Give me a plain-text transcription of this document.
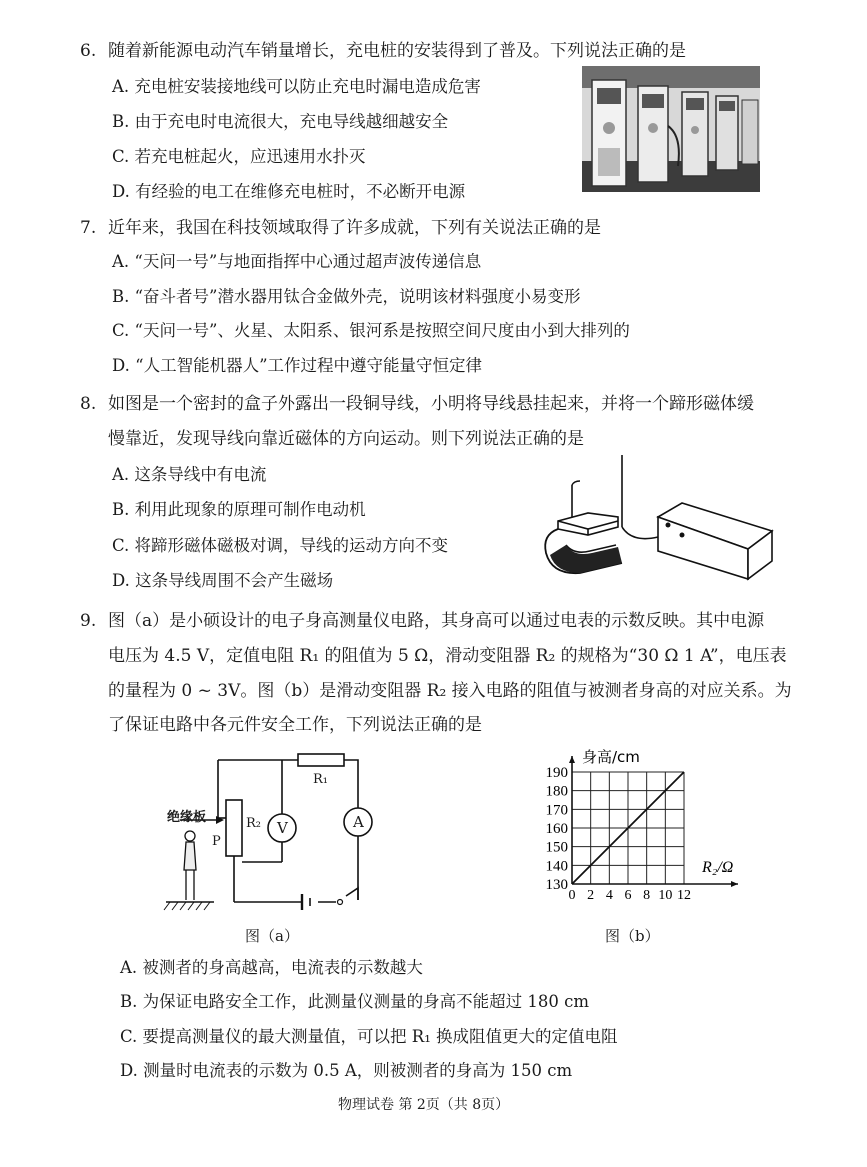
6. 随着新能源电动汽车销量增长，充电桩的安装得到了普及。下列说法正确的是
A. 充电桩安装接地线可以防止充电时漏电造成危害
B. 由于充电时电流很大，充电导线越细越安全
C. 若充电桩起火，应迅速用水扑灭
D. 有经验的电工在维修充电桩时，不必断开电源
7. 近年来，我国在科技领域取得了许多成就，下列有关说法正确的是
A. “天问一号”与地面指挥中心通过超声波传递信息
B. “奋斗者号”潜水器用钛合金做外壳，说明该材料强度小易变形
C. “天问一号”、火星、太阳系、银河系是按照空间尺度由小到大排列的
D. “人工智能机器人”工作过程中遵守能量守恒定律
8. 如图是一个密封的盒子外露出一段铜导线，小明将导线悬挂起来，并将一个蹄形磁体缓
慢靠近，发现导线向靠近磁体的方向运动。则下列说法正确的是
A. 这条导线中有电流
B. 利用此现象的原理可制作电动机
C. 将蹄形磁体磁极对调，导线的运动方向不变
D. 这条导线周围不会产生磁场
9. 图（a）是小硕设计的电子身高测量仪电路，其身高可以通过电表的示数反映。其中电源
电压为 4.5 V，定值电阻 R₁ 的阻值为 5 Ω，滑动变阻器 R₂ 的规格为“30 Ω 1 A”，电压表
的量程为 0 ~ 3V。图（b）是滑动变阻器 R₂ 接入电路的阻值与被测者身高的对应关系。为
了保证电路中各元件安全工作，下列说法正确的是
绝缘板
P
R₂
R₁
V	A
图（a）
0 2 4 6 8 10 12
130
140
150
160
170
180
190
身高/cm
R₂/Ω
图（b）
A. 被测者的身高越高，电流表的示数越大
B. 为保证电路安全工作，此测量仪测量的身高不能超过 180 cm
C. 要提高测量仪的最大测量值，可以把 R₁ 换成阻值更大的定值电阻
D. 测量时电流表的示数为 0.5 A，则被测者的身高为 150 cm
物理试卷 第 2页（共 8页）
